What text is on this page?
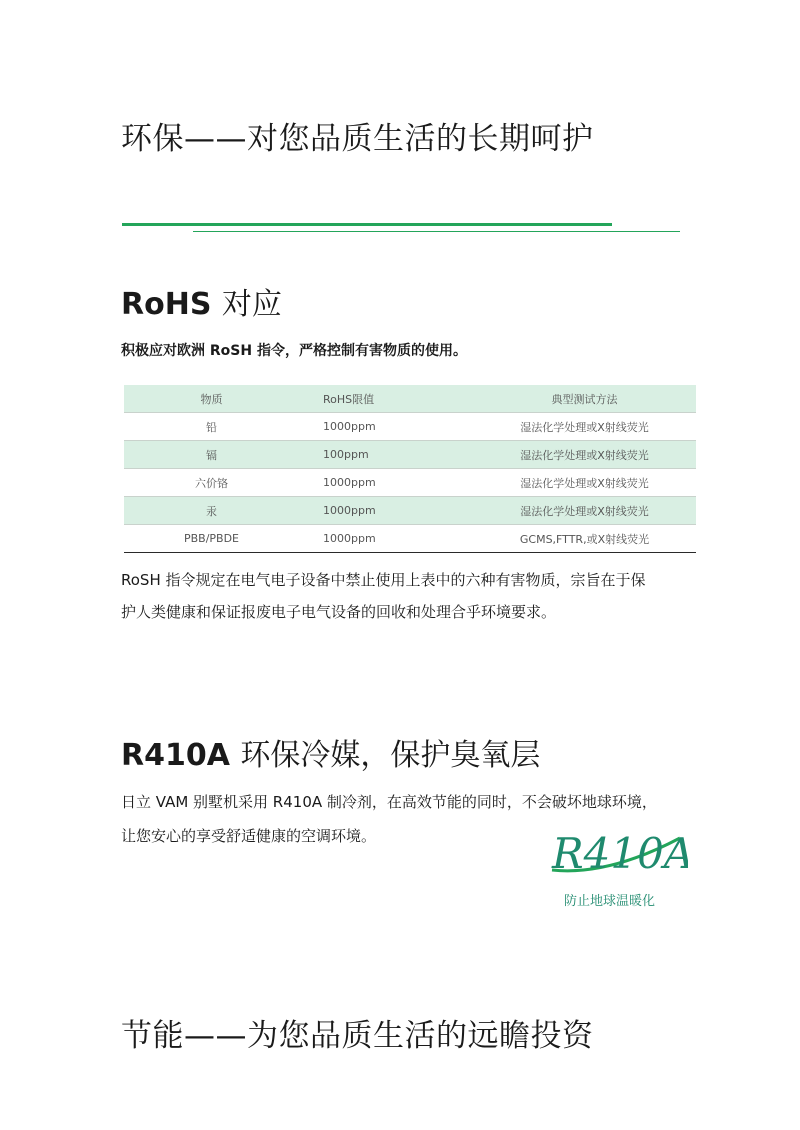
环保——对您品质生活的长期呵护
RoHS 对应
积极应对欧洲 RoSH 指令，严格控制有害物质的使用。
物质	RoHS限值	典型测试方法
铅	1000ppm	湿法化学处理或X射线荧光
镉	100ppm	湿法化学处理或X射线荧光
六价铬	1000ppm	湿法化学处理或X射线荧光
汞	1000ppm	湿法化学处理或X射线荧光
PBB/PBDE	1000ppm	GCMS,FTTR,或X射线荧光
RoSH 指令规定在电气电子设备中禁止使用上表中的六种有害物质，宗旨在于保
护人类健康和保证报废电子电气设备的回收和处理合乎环境要求。
R410A 环保冷媒，保护臭氧层
日立 VAM 别墅机采用 R410A 制冷剂，在高效节能的同时，不会破坏地球环境，
让您安心的享受舒适健康的空调环境。	R410A
防止地球温暖化
节能——为您品质生活的远瞻投资
